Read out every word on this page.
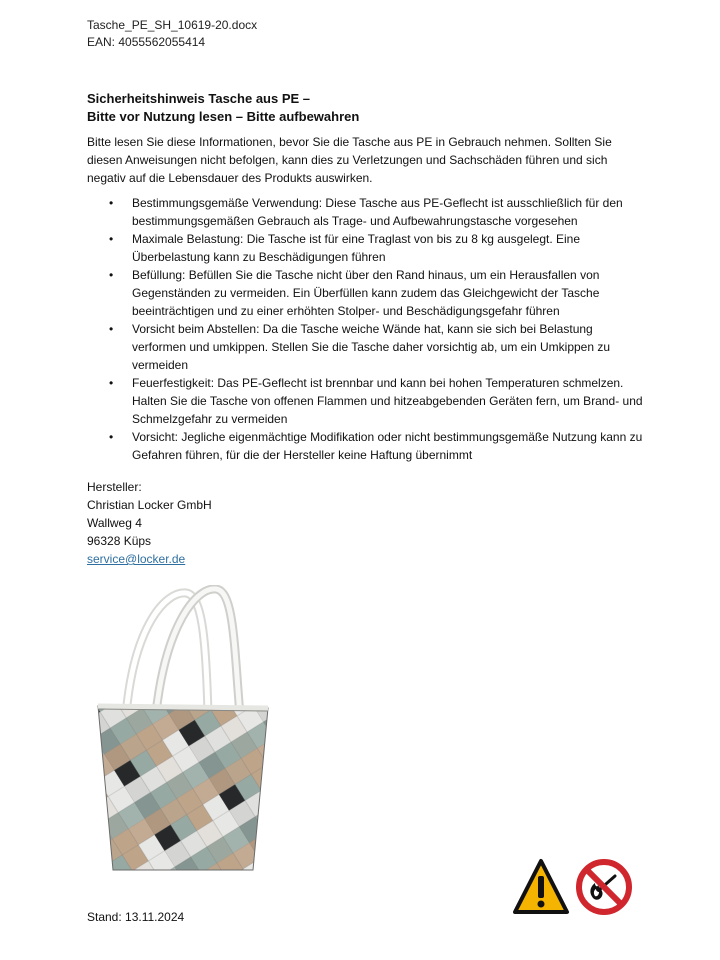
Tasche_PE_SH_10619-20.docx
EAN: 4055562055414
Sicherheitshinweis Tasche aus PE –
Bitte vor Nutzung lesen – Bitte aufbewahren
Bitte lesen Sie diese Informationen, bevor Sie die Tasche aus PE in Gebrauch nehmen. Sollten Sie diesen Anweisungen nicht befolgen, kann dies zu Verletzungen und Sachschäden führen und sich negativ auf die Lebensdauer des Produkts auswirken.
• Bestimmungsgemäße Verwendung: Diese Tasche aus PE-Geflecht ist ausschließlich für den bestimmungsgemäßen Gebrauch als Trage- und Aufbewahrungstasche vorgesehen
• Maximale Belastung: Die Tasche ist für eine Traglast von bis zu 8 kg ausgelegt. Eine Überbelastung kann zu Beschädigungen führen
• Befüllung: Befüllen Sie die Tasche nicht über den Rand hinaus, um ein Herausfallen von Gegenständen zu vermeiden. Ein Überfüllen kann zudem das Gleichgewicht der Tasche beeinträchtigen und zu einer erhöhten Stolper- und Beschädigungsgefahr führen
• Vorsicht beim Abstellen: Da die Tasche weiche Wände hat, kann sie sich bei Belastung verformen und umkippen. Stellen Sie die Tasche daher vorsichtig ab, um ein Umkippen zu vermeiden
• Feuerfestigkeit: Das PE-Geflecht ist brennbar und kann bei hohen Temperaturen schmelzen. Halten Sie die Tasche von offenen Flammen und hitzeabgebenden Geräten fern, um Brand- und Schmelzgefahr zu vermeiden
• Vorsicht: Jegliche eigenmächtige Modifikation oder nicht bestimmungsgemäße Nutzung kann zu Gefahren führen, für die der Hersteller keine Haftung übernimmt
Hersteller:
Christian Locker GmbH
Wallweg 4
96328 Küps
service@locker.de
Stand: 13.11.2024
